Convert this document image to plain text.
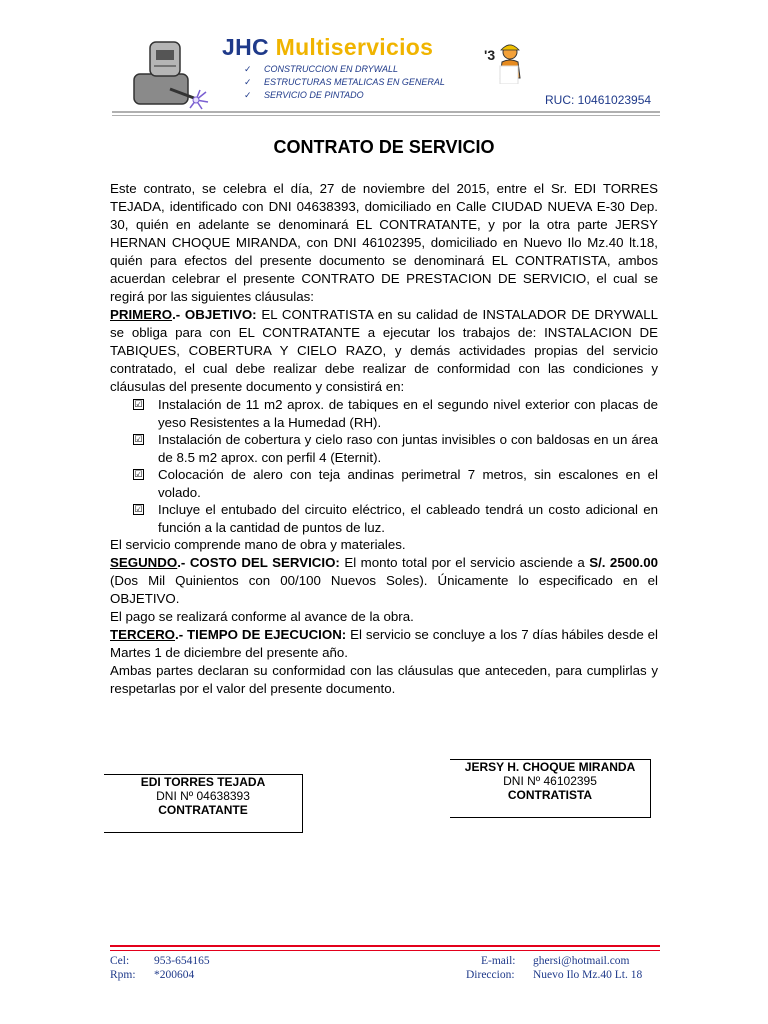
JHC Multiservicios
✓ CONSTRUCCION EN DRYWALL
✓ ESTRUCTURAS METALICAS EN GENERAL
✓ SERVICIO DE PINTADO
'3
RUC: 10461023954
CONTRATO DE SERVICIO

Este contrato, se celebra el día, 27 de noviembre del 2015, entre el Sr. EDI TORRES TEJADA, identificado con DNI 04638393, domiciliado en Calle CIUDAD NUEVA E-30 Dep. 30, quién en adelante se denominará EL CONTRATANTE, y por la otra parte JERSY HERNAN CHOQUE MIRANDA, con DNI 46102395, domiciliado en Nuevo Ilo Mz.40 lt.18, quién para efectos del presente documento se denominará EL CONTRATISTA, ambos acuerdan celebrar el presente CONTRATO DE PRESTACION DE SERVICIO, el cual se regirá por las siguientes cláusulas:

PRIMERO.- OBJETIVO: EL CONTRATISTA en su calidad de INSTALADOR DE DRYWALL se obliga para con EL CONTRATANTE a ejecutar los trabajos de: INSTALACION DE TABIQUES, COBERTURA Y CIELO RAZO, y demás actividades propias del servicio contratado, el cual debe realizar debe realizar de conformidad con las condiciones y cláusulas del presente documento y consistirá en:

☑ Instalación de 11 m2 aprox. de tabiques en el segundo nivel exterior con placas de yeso Resistentes a la Humedad (RH).
☑ Instalación de cobertura y cielo raso con juntas invisibles o con baldosas en un área de 8.5 m2 aprox. con perfil 4 (Eternit).
☑ Colocación de alero con teja andinas perimetral 7 metros, sin escalones en el volado.
☑ Incluye el entubado del circuito eléctrico, el cableado tendrá un costo adicional en función a la cantidad de puntos de luz.

El servicio comprende mano de obra y materiales.

SEGUNDO.- COSTO DEL SERVICIO: El monto total por el servicio asciende a S/. 2500.00 (Dos Mil Quinientos con 00/100 Nuevos Soles). Únicamente lo especificado en el OBJETIVO.

El pago se realizará conforme al avance de la obra.

TERCERO.- TIEMPO DE EJECUCION: El servicio se concluye a los 7 días hábiles desde el Martes 1 de diciembre del presente año.

Ambas partes declaran su conformidad con las cláusulas que anteceden, para cumplirlas y respetarlas por el valor del presente documento.

EDI TORRES TEJADA
DNI Nº 04638393
CONTRATANTE
JERSY H. CHOQUE MIRANDA
DNI Nº 46102395
CONTRATISTA
Cel: 953-654165
Rpm: *200604
E-mail: ghersi@hotmail.com
Direccion: Nuevo Ilo Mz.40 Lt. 18
